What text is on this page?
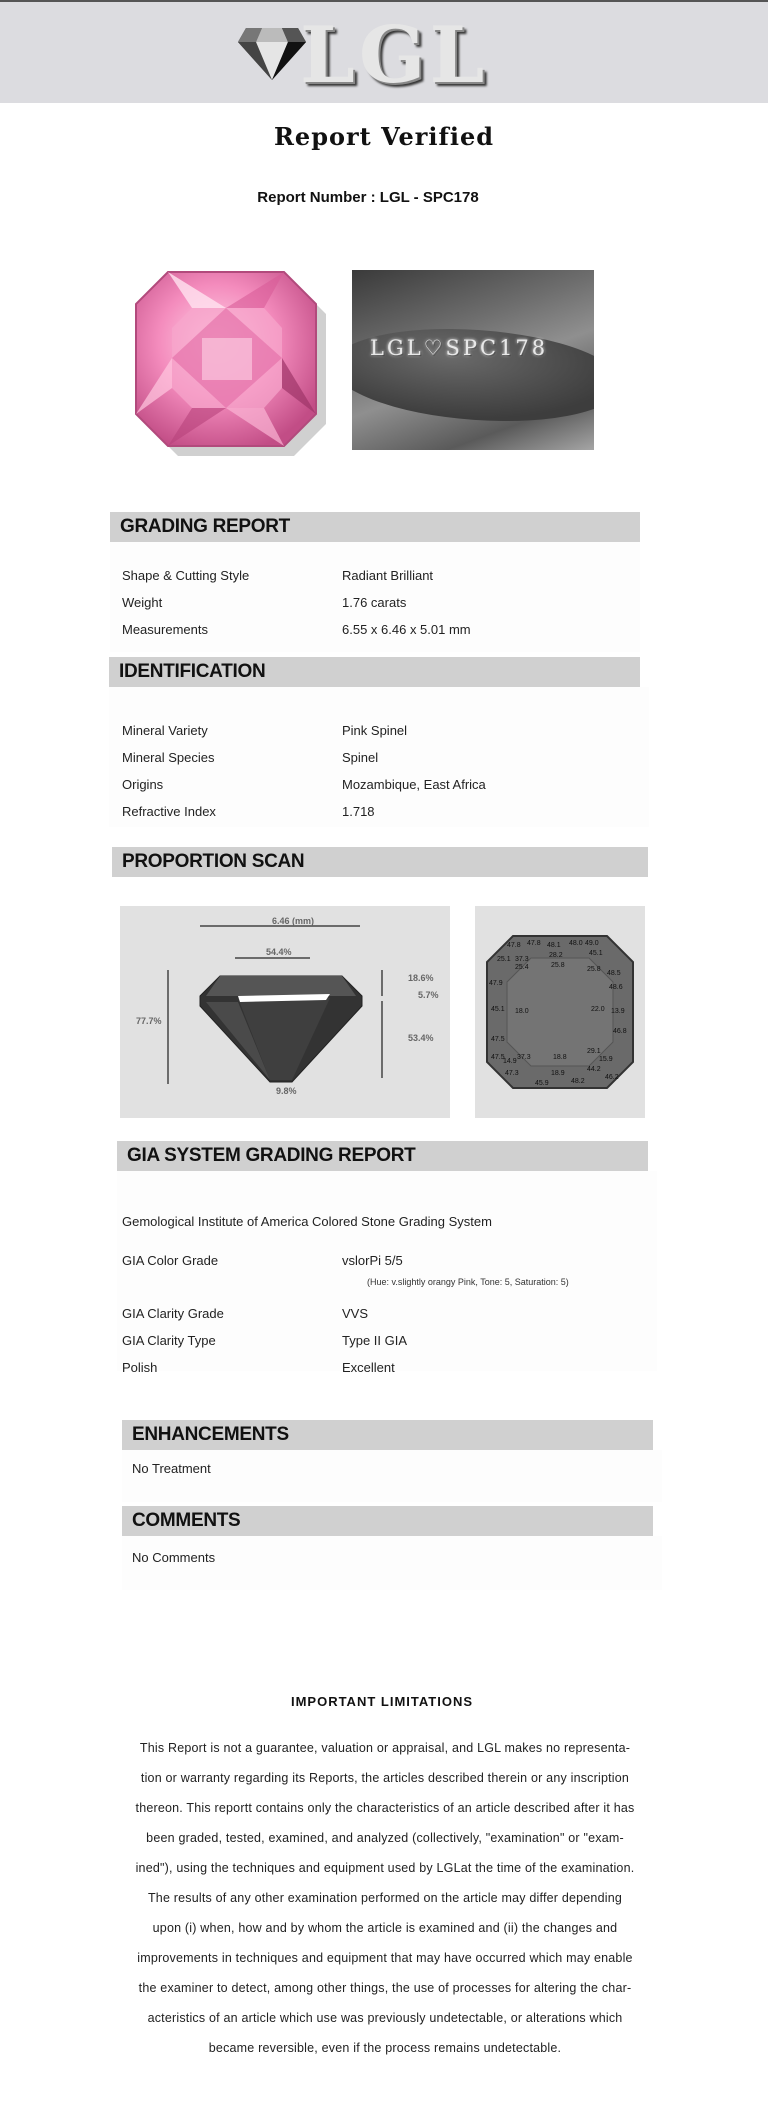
LGL
Report Verified
Report Number : LGL - SPC178
LGL♡SPC178
GRADING REPORT
Shape & Cutting Style	Radiant Brilliant
Weight	1.76 carats
Measurements	6.55 x 6.46 x 5.01 mm
IDENTIFICATION
Mineral Variety	Pink Spinel
Mineral Species	Spinel
Origins	Mozambique, East Africa
Refractive Index	1.718
PROPORTION SCAN
6.46 (mm)
54.4%
77.7%
18.6%
5.7%
53.4%
9.8%
47.8 47.8 48.1 48.0 49.0
25.1
28.2	45.1
37.3
25.4	25.8
25.8
48.5
47.9
48.6
45.1 18.0	22.0 13.9
46.8
47.5
29.1
47.5
14.9
37.3	18.8
18.9
44.2
47.3
46.2
45.9	48.2
15.9
GIA SYSTEM GRADING REPORT
Gemological Institute of America Colored Stone Grading System
GIA Color Grade	vslorPi 5/5
(Hue: v.slightly orangy Pink, Tone: 5, Saturation: 5)
GIA Clarity Grade	VVS
GIA Clarity Type	Type II GIA
Polish	Excellent
ENHANCEMENTS
No Treatment
COMMENTS
No Comments
IMPORTANT LIMITATIONS
This Report is not a guarantee, valuation or appraisal, and LGL makes no representa-
tion or warranty regarding its Reports, the articles described therein or any inscription
thereon. This reportt contains only the characteristics of an article described after it has
been graded, tested, examined, and analyzed (collectively, "examination" or "exam-
ined"), using the techniques and equipment used by LGLat the time of the examination.
The results of any other examination performed on the article may differ depending
upon (i) when, how and by whom the article is examined and (ii) the changes and
improvements in techniques and equipment that may have occurred which may enable
the examiner to detect, among other things, the use of processes for altering the char-
acteristics of an article which use was previously undetectable, or alterations which
became reversible, even if the process remains undetectable.
